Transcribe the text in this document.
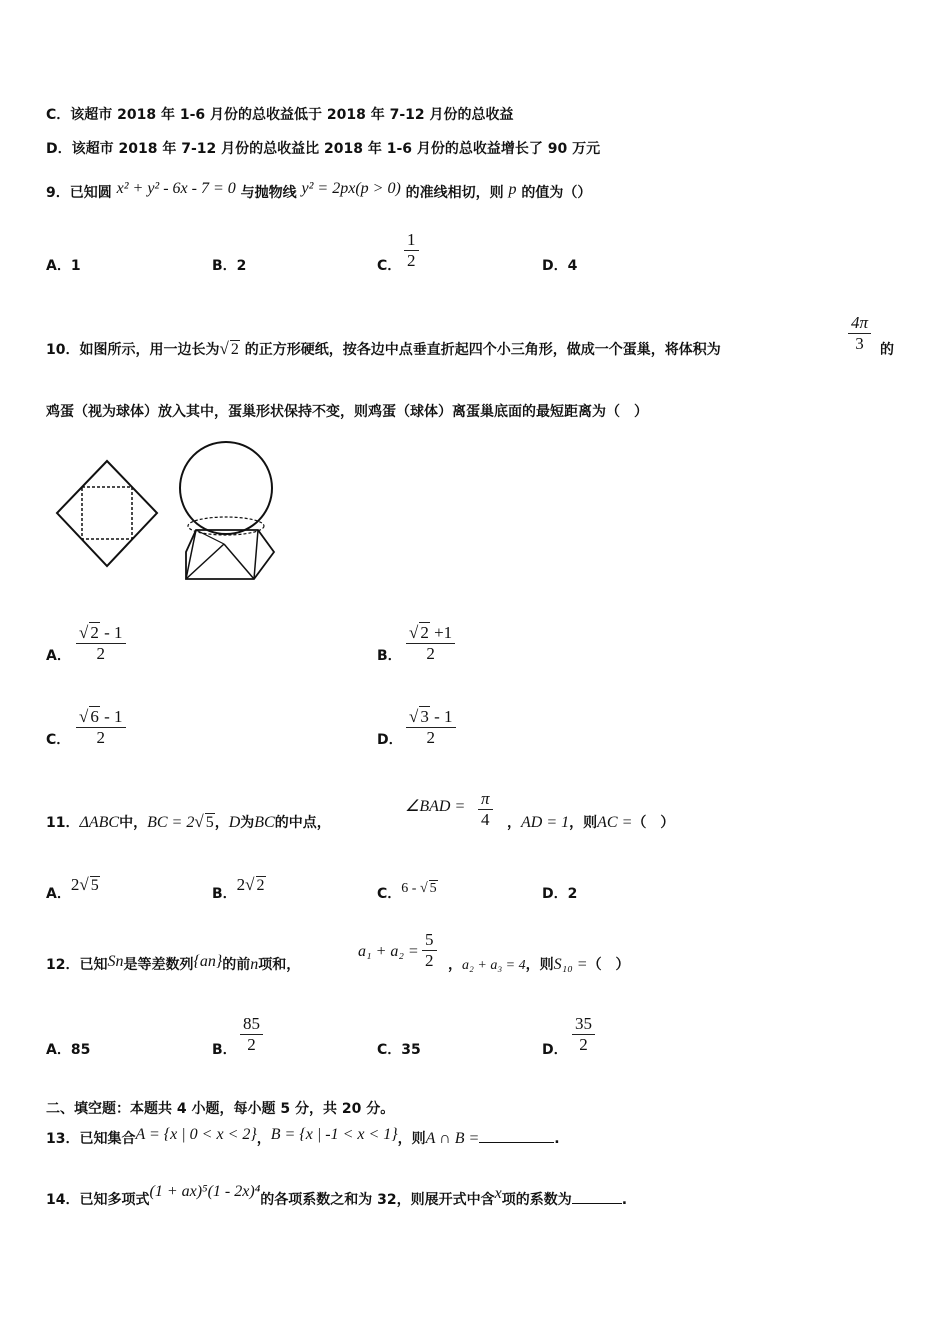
C．该超市 2018 年 1-6 月份的总收益低于 2018 年 7-12 月份的总收益
D．该超市 2018 年 7-12 月份的总收益比 2018 年 1-6 月份的总收益增长了 90 万元
9．已知圆 x² + y² - 6x - 7 = 0 与抛物线 y² = 2px(p > 0) 的准线相切，则 p 的值为（）
A．1	B．2	C． $\frac{1}{2}$	D．4
10．如图所示，用一边长为√ 2 的正方形硬纸，按各边中点垂直折起四个小三角形，做成一个蛋巢，将体积为	$\frac{4\pi}{3}$ 的
鸡蛋（视为球体）放入其中，蛋巢形状保持不变，则鸡蛋（球体）离蛋巢底面的最短距离为（　）
A． $\frac{√ 2 - 1}{2}$	B． $\frac{√ 2 +1}{2}$
C． $\frac{√ 6 - 1}{2}$	D． $\frac{√ 3 - 1}{2}$
11．ΔABC中，BC = 2√ 5，D为BC的中点，
∠BAD = $\frac{\pi}{4}$ ，AD = 1，则AC =（　）
A．2√ 5	B．2√ 2	C．6 - √ 5	D．2
12．已知Sn是等差数列{an}的前n项和，
$a_1 + a_2 = \frac{5}{2}$ ，a₂ + a₃ = 4，则S₁₀ =（　）
A．85	B． $\frac{85}{2}$	C．35	D． $\frac{35}{2}$
二、填空题：本题共 4 小题，每小题 5 分，共 20 分。
13．已知集合A = {x | 0 < x < 2}，B = {x | -1 < x < 1}，则A ∩ B =	.
14．已知多项式(1 + ax)⁵(1 - 2x)⁴的各项系数之和为 32，则展开式中含x项的系数为	.
